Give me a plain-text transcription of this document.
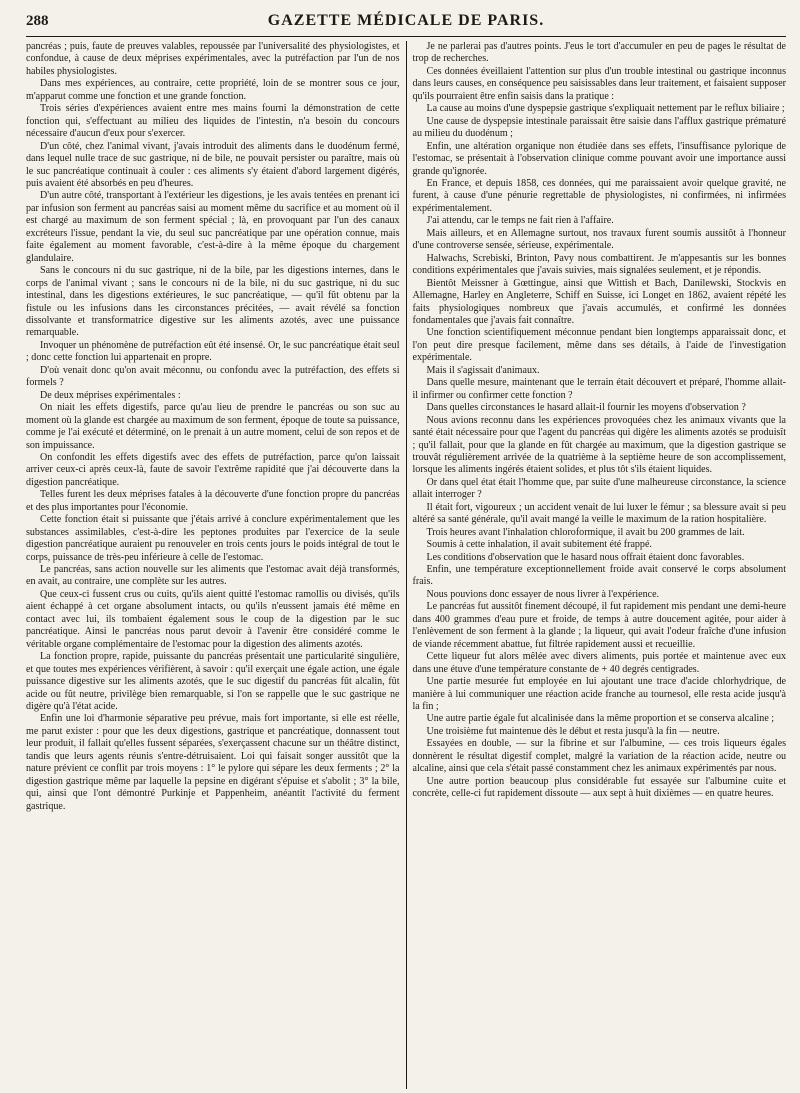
288	GAZETTE MÉDICALE DE PARIS.

pancréas ; puis, faute de preuves valables, repoussée par l'universalité des physiologistes, et confondue, à cause de deux méprises expérimentales, avec la putréfaction par l'un de nos habiles physiologistes.

Dans mes expériences, au contraire, cette propriété, loin de se montrer sous ce jour, m'apparut comme une fonction et une grande fonction.

Trois séries d'expériences avaient entre mes mains fourni la démonstration de cette fonction qui, s'effectuant au milieu des liquides de l'intestin, n'a besoin du concours nécessaire d'aucun d'eux pour s'exercer.

D'un côté, chez l'animal vivant, j'avais introduit des aliments dans le duodénum fermé, dans lequel nulle trace de suc gastrique, ni de bile, ne pouvait persister ou paraître, mais où le suc pancréatique continuait à couler : ces aliments s'y étaient d'abord largement digérés, puis avaient été absorbés en peu d'heures.

D'un autre côté, transportant à l'extérieur les digestions, je les avais tentées en prenant ici par infusion son ferment au pancréas saisi au moment même du sacrifice et au moment où il est chargé au maximum de son ferment spécial ; là, en provoquant par l'un des canaux excréteurs l'issue, pendant la vie, du seul suc pancréatique par une opération connue, mais faite également au moment favorable, c'est-à-dire à la même époque du chargement glandulaire.

Sans le concours ni du suc gastrique, ni de la bile, par les digestions internes, dans le corps de l'animal vivant ; sans le concours ni de la bile, ni du suc gastrique, ni du suc intestinal, dans les digestions extérieures, le suc pancréatique, — qu'il fût obtenu par la fistule ou les infusions dans les circonstances précitées, — avait révélé sa fonction dissolvante et transformatrice digestive sur les aliments azotés, avec une puissance remarquable.

Invoquer un phénomène de putréfaction eût été insensé. Or, le suc pancréatique était seul ; donc cette fonction lui appartenait en propre.

D'où venait donc qu'on avait méconnu, ou confondu avec la putréfaction, des effets si formels ?

De deux méprises expérimentales :

On niait les effets digestifs, parce qu'au lieu de prendre le pancréas ou son suc au moment où la glande est chargée au maximum de son ferment, époque de toute sa puissance, comme je l'ai exécuté et déterminé, on le prenait à un autre moment, celui de son repos et de son impuissance.

On confondit les effets digestifs avec des effets de putréfaction, parce qu'on laissait arriver ceux-ci après ceux-là, faute de savoir l'extrême rapidité que j'ai découverte dans la digestion pancréatique.

Telles furent les deux méprises fatales à la découverte d'une fonction propre du pancréas et des plus importantes pour l'économie.

Cette fonction était si puissante que j'étais arrivé à conclure expérimentalement que les substances assimilables, c'est-à-dire les peptones produites par l'exercice de la seule digestion pancréatique auraient pu renouveler en trois cents jours le poids intégral de tout le corps, puissance de très-peu inférieure à celle de l'estomac.

Le pancréas, sans action nouvelle sur les aliments que l'estomac avait déjà transformés, en avait, au contraire, une complète sur les autres.

Que ceux-ci fussent crus ou cuits, qu'ils aient quitté l'estomac ramollis ou divisés, qu'ils aient échappé à cet organe absolument intacts, ou qu'ils n'eussent jamais été même en contact avec lui, ils tombaient également sous le coup de la digestion par le suc pancréatique. Ainsi le pancréas nous parut devoir à l'avenir être considéré comme le véritable organe complémentaire de l'estomac pour la digestion des aliments azotés.

La fonction propre, rapide, puissante du pancréas présentait une particularité singulière, et que toutes mes expériences vérifièrent, à savoir : qu'il exerçait une égale action, une égale puissance digestive sur les aliments azotés, que le suc digestif du pancréas fût alcalin, fût acide ou fût neutre, privilège bien remarquable, si l'on se rappelle que le suc gastrique ne digère qu'à l'état acide.

Enfin une loi d'harmonie séparative peu prévue, mais fort importante, si elle est réelle, me parut exister : pour que les deux digestions, gastrique et pancréatique, donnassent tout leur produit, il fallait qu'elles fussent séparées, s'exerçassent chacune sur un théâtre distinct, tandis que leurs agents réunis s'entre-détruisaient. Loi qui faisait songer aussitôt que la nature prévient ce conflit par trois moyens : 1° le pylore qui sépare les deux ferments ; 2° la digestion gastrique même par laquelle la pepsine en digérant s'épuise et s'abolit ; 3° la bile, qui, ainsi que l'ont démontré Purkinje et Pappenheim, anéantit l'activité du ferment gastrique.

Je ne parlerai pas d'autres points. J'eus le tort d'accumuler en peu de pages le résultat de trop de recherches.

Ces données éveillaient l'attention sur plus d'un trouble intestinal ou gastrique inconnus dans leurs causes, en conséquence peu saisissables dans leur traitement, et faisaient supposer qu'ils pourraient être enfin saisis dans la pratique :

La cause au moins d'une dyspepsie gastrique s'expliquait nettement par le reflux biliaire ;

Une cause de dyspepsie intestinale paraissait être saisie dans l'afflux gastrique prématuré au milieu du duodénum ;

Enfin, une altération organique non étudiée dans ses effets, l'insuffisance pylorique de l'estomac, se présentait à l'observation clinique comme pouvant avoir une importance aussi grande qu'ignorée.

En France, et depuis 1858, ces données, qui me paraissaient avoir quelque gravité, ne furent, à cause d'une pénurie regrettable de physiologistes, ni confirmées, ni infirmées expérimentalement.

J'ai attendu, car le temps ne fait rien à l'affaire.

Mais ailleurs, et en Allemagne surtout, nos travaux furent soumis aussitôt à l'honneur d'une controverse sensée, sérieuse, expérimentale.

Halwachs, Screbiski, Brinton, Pavy nous combattirent. Je m'appesantis sur les bonnes conditions expérimentales que j'avais suivies, mais signalées seulement, et je répondis.

Bientôt Meissner à Gœttingue, ainsi que Wittish et Bach, Danilewski, Stockvis en Allemagne, Harley en Angleterre, Schiff en Suisse, ici Longet en 1862, avaient répété les faits physiologiques nombreux que j'avais accumulés, et confirmé les données fondamentales que j'avais fait connaître.

Une fonction scientifiquement méconnue pendant bien longtemps apparaissait donc, et l'on peut dire presque facilement, même dans ses détails, à l'aide de l'investigation expérimentale.

Mais il s'agissait d'animaux.

Dans quelle mesure, maintenant que le terrain était découvert et préparé, l'homme allait-il infirmer ou confirmer cette fonction ?

Dans quelles circonstances le hasard allait-il fournir les moyens d'observation ?

Nous avions reconnu dans les expériences provoquées chez les animaux vivants que la santé était nécessaire pour que l'agent du pancréas qui digère les aliments azotés se produisît ; qu'il fallait, pour que la glande en fût chargée au maximum, que la digestion gastrique se trouvât régulièrement arrivée de la quatrième à la septième heure de son accomplissement, lorsque les aliments ingérés étaient solides, et plus tôt s'ils étaient liquides.

Or dans quel état était l'homme que, par suite d'une malheureuse circonstance, la science allait interroger ?

Il était fort, vigoureux ; un accident venait de lui luxer le fémur ; sa blessure avait si peu altéré sa santé générale, qu'il avait mangé la veille le maximum de la ration hospitalière.

Trois heures avant l'inhalation chloroformique, il avait bu 200 grammes de lait.

Soumis à cette inhalation, il avait subitement été frappé.

Les conditions d'observation que le hasard nous offrait étaient donc favorables.

Enfin, une température exceptionnellement froide avait conservé le corps absolument frais.

Nous pouvions donc essayer de nous livrer à l'expérience.

Le pancréas fut aussitôt finement découpé, il fut rapidement mis pendant une demi-heure dans 400 grammes d'eau pure et froide, de temps à autre doucement agitée, pour aider à l'enlèvement de son ferment à la glande ; la liqueur, qui avait l'odeur fraîche d'une infusion de viande récemment abattue, fut filtrée rapidement aussi et recueillie.

Cette liqueur fut alors mêlée avec divers aliments, puis portée et maintenue avec eux dans une étuve d'une température constante de + 40 degrés centigrades.

Une partie mesurée fut employée en lui ajoutant une trace d'acide chlorhydrique, de manière à lui communiquer une réaction acide franche au tournesol, elle resta acide jusqu'à la fin ;

Une autre partie égale fut alcalinisée dans la même proportion et se conserva alcaline ;

Une troisième fut maintenue dès le début et resta jusqu'à la fin — neutre.

Essayées en double, — sur la fibrine et sur l'albumine, — ces trois liqueurs égales donnèrent le résultat digestif complet, malgré la variation de la réaction acide, neutre ou alcaline, ainsi que cela s'était passé constamment chez les animaux expérimentés par nous.

Une autre portion beaucoup plus considérable fut essayée sur l'albumine cuite et concrète, celle-ci fut rapidement dissoute — aux sept à huit dixièmes — en quatre heures.
